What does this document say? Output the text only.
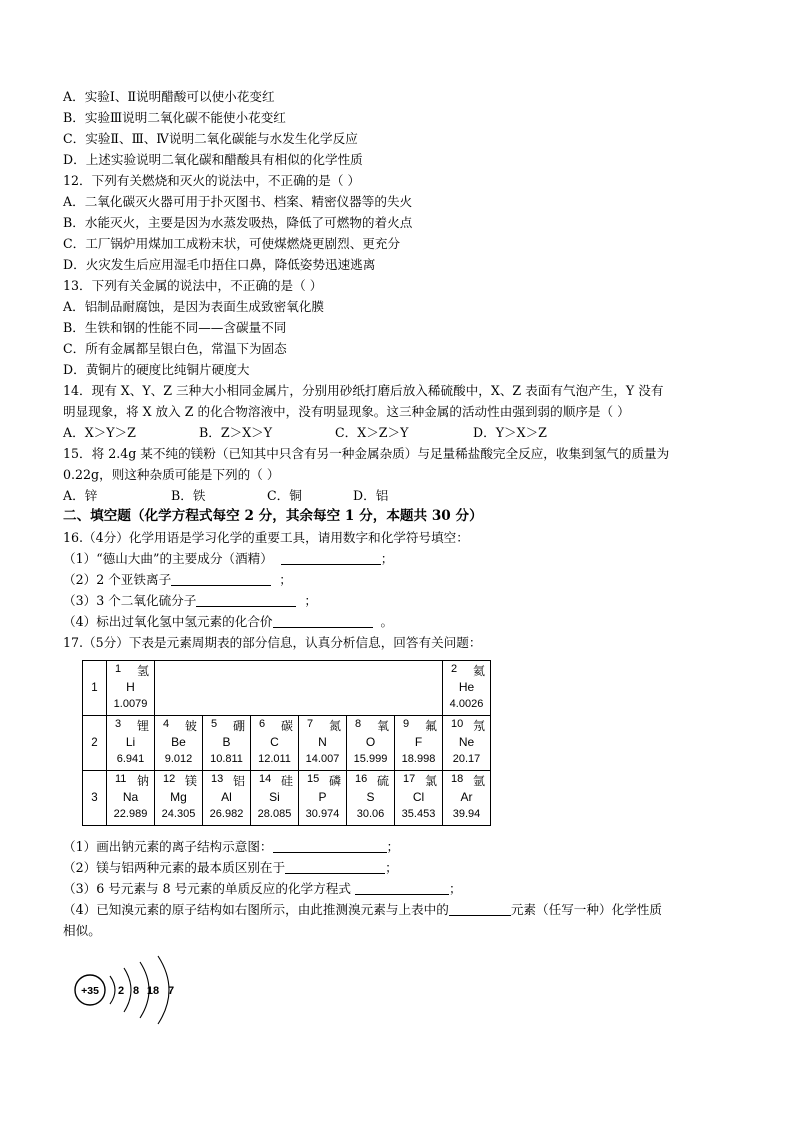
A．实验Ⅰ、Ⅱ说明醋酸可以使小花变红
B．实验Ⅲ说明二氧化碳不能使小花变红
C．实验Ⅱ、Ⅲ、Ⅳ说明二氧化碳能与水发生化学反应
D．上述实验说明二氧化碳和醋酸具有相似的化学性质
12．下列有关燃烧和灭火的说法中，不正确的是（ ）
A．二氧化碳灭火器可用于扑灭图书、档案、精密仪器等的失火
B．水能灭火，主要是因为水蒸发吸热，降低了可燃物的着火点
C．工厂锅炉用煤加工成粉末状，可使煤燃烧更剧烈、更充分
D．火灾发生后应用湿毛巾捂住口鼻，降低姿势迅速逃离
13．下列有关金属的说法中，不正确的是（ ）
A．铝制品耐腐蚀，是因为表面生成致密氧化膜
B．生铁和钢的性能不同——含碳量不同
C．所有金属都呈银白色，常温下为固态
D．黄铜片的硬度比纯铜片硬度大
14．现有 X、Y、Z 三种大小相同金属片，分别用砂纸打磨后放入稀硫酸中，X、Z 表面有气泡产生，Y 没有
明显现象，将 X 放入 Z 的化合物溶液中，没有明显现象。这三种金属的活动性由强到弱的顺序是（ ）
A．X＞Y＞Z	B．Z＞X＞Y	C．X＞Z＞Y	D．Y＞X＞Z
15．将 2.4g 某不纯的镁粉（已知其中只含有另一种金属杂质）与足量稀盐酸完全反应，收集到氢气的质量为
0.22g，则这种杂质可能是下列的（ ）
A．锌	B．铁	C．铜	D．铝
二、填空题（化学方程式每空 2 分，其余每空 1 分，本题共 30 分）
16.（4分）化学用语是学习化学的重要工具，请用数字和化学符号填空：
（1）“德山大曲”的主要成分（酒精）	；
（2）2 个亚铁离子	；
（3）3 个二氧化硫分子	；
（4）标出过氧化氢中氢元素的化合价	。
17.（5分）下表是元素周期表的部分信息，认真分析信息，回答有关问题：
1	1 氢
H
1.0079							2 氦
He
4.0026

2	3 锂
Li
6.941	4 铍
Be
9.012	5 硼
B
10.811	6 碳
C
12.011	7 氮
N
14.007	8 氧
O
15.999	9 氟
F
18.998	10 氖
Ne
20.17

3	11 钠
Na
22.989	12 镁
Mg
24.305	13 铝
Al
26.982	14 硅
Si
28.085	15 磷
P
30.974	16 硫
S
30.06	17 氯
Cl
35.453	18 氩
Ar
39.94
（1）画出钠元素的离子结构示意图：	；
（2）镁与铝两种元素的最本质区别在于	；
（3）6 号元素与 8 号元素的单质反应的化学方程式	；
（4）已知溴元素的原子结构如右图所示，由此推测溴元素与上表中的	元素（任写一种）化学性质
相似。
+35 2 8 18 7
